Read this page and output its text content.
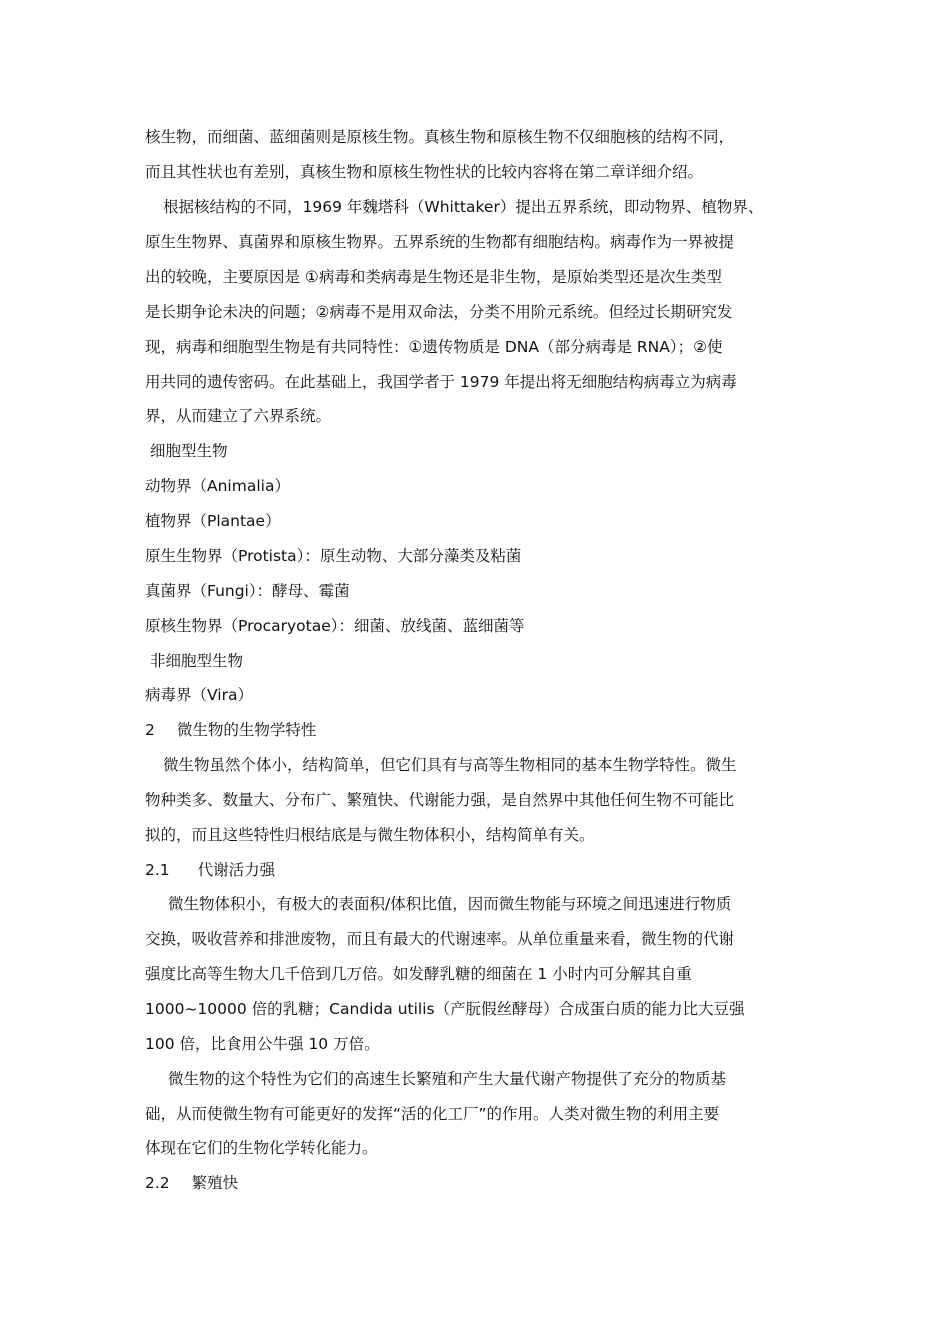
核生物，而细菌、蓝细菌则是原核生物。真核生物和原核生物不仅细胞核的结构不同，
而且其性状也有差别，真核生物和原核生物性状的比较内容将在第二章详细介绍。
根据核结构的不同，1969 年魏塔科（Whittaker）提出五界系统，即动物界、植物界、
原生生物界、真菌界和原核生物界。五界系统的生物都有细胞结构。病毒作为一界被提
出的较晚，主要原因是 ①病毒和类病毒是生物还是非生物，是原始类型还是次生类型
是长期争论未决的问题；②病毒不是用双命法，分类不用阶元系统。但经过长期研究发
现，病毒和细胞型生物是有共同特性：①遗传物质是 DNA（部分病毒是 RNA）；②使
用共同的遗传密码。在此基础上，我国学者于 1979 年提出将无细胞结构病毒立为病毒
界，从而建立了六界系统。
细胞型生物
动物界（Animalia）
植物界（Plantae）
原生生物界（Protista）：原生动物、大部分藻类及粘菌
真菌界（Fungi）：酵母、霉菌
原核生物界（Procaryotae）：细菌、放线菌、蓝细菌等
非细胞型生物
病毒界（Vira）
2 微生物的生物学特性
微生物虽然个体小，结构简单，但它们具有与高等生物相同的基本生物学特性。微生
物种类多、数量大、分布广、繁殖快、代谢能力强，是自然界中其他任何生物不可能比
拟的，而且这些特性归根结底是与微生物体积小，结构简单有关。
2.1 代谢活力强
微生物体积小，有极大的表面积/体积比值，因而微生物能与环境之间迅速进行物质
交换，吸收营养和排泄废物，而且有最大的代谢速率。从单位重量来看，微生物的代谢
强度比高等生物大几千倍到几万倍。如发酵乳糖的细菌在 1 小时内可分解其自重
1000~10000 倍的乳糖；Candida utilis（产朊假丝酵母）合成蛋白质的能力比大豆强
100 倍，比食用公牛强 10 万倍。
微生物的这个特性为它们的高速生长繁殖和产生大量代谢产物提供了充分的物质基
础，从而使微生物有可能更好的发挥“活的化工厂”的作用。人类对微生物的利用主要
体现在它们的生物化学转化能力。
2.2 繁殖快
